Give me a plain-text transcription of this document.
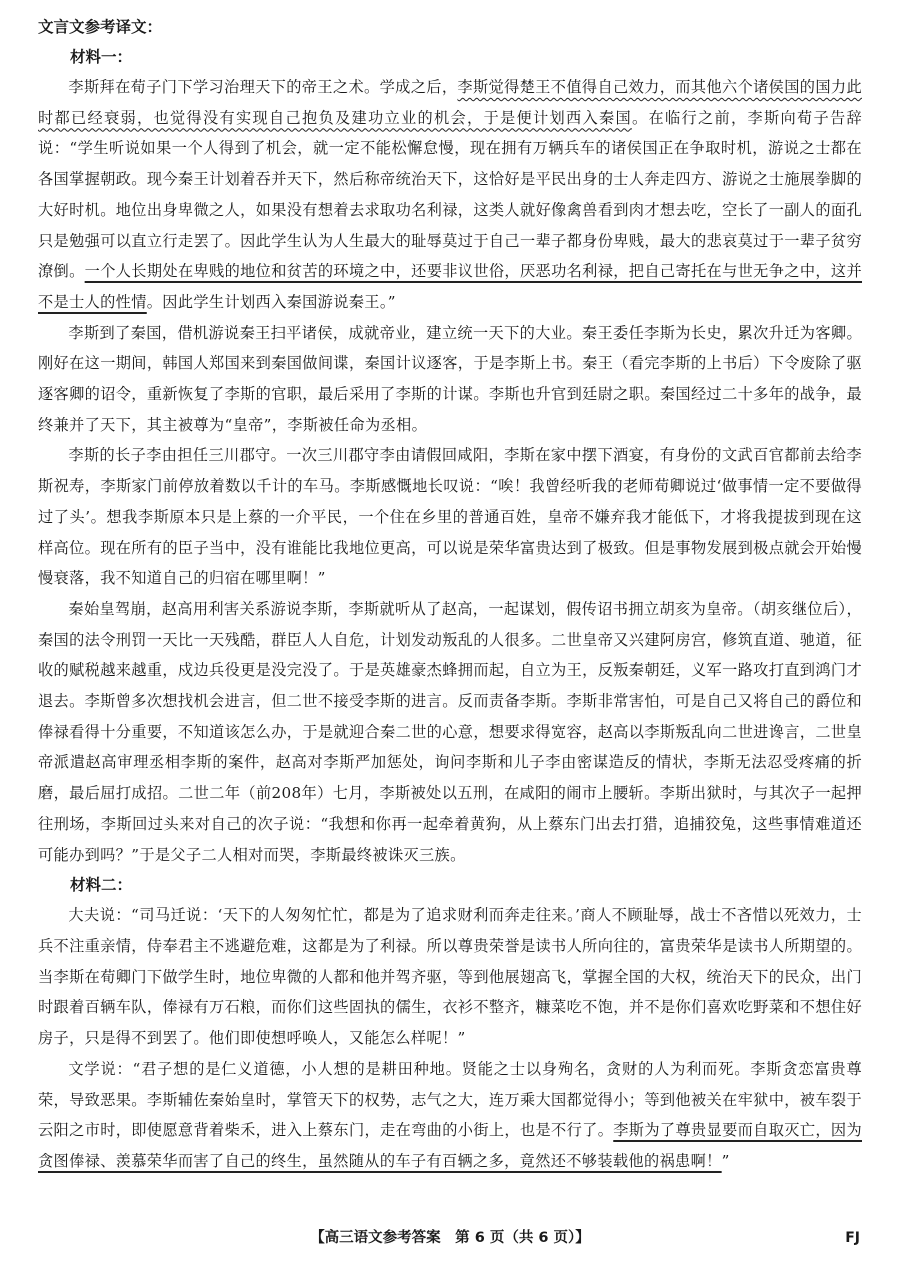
文言文参考译文：

材料一：

李斯拜在荀子门下学习治理天下的帝王之术。学成之后，李斯觉得楚王不值得自己效力，而其他六个诸侯国的国力此时都已经衰弱，也觉得没有实现自己抱负及建功立业的机会，于是便计划西入秦国。在临行之前，李斯向荀子告辞说：“学生听说如果一个人得到了机会，就一定不能松懈怠慢，现在拥有万辆兵车的诸侯国正在争取时机，游说之士都在各国掌握朝政。现今秦王计划着吞并天下，然后称帝统治天下，这恰好是平民出身的士人奔走四方、游说之士施展拳脚的大好时机。地位出身卑微之人，如果没有想着去求取功名利禄，这类人就好像禽兽看到肉才想去吃，空长了一副人的面孔只是勉强可以直立行走罢了。因此学生认为人生最大的耻辱莫过于自己一辈子都身份卑贱，最大的悲哀莫过于一辈子贫穷潦倒。一个人长期处在卑贱的地位和贫苦的环境之中，还要非议世俗，厌恶功名利禄，把自己寄托在与世无争之中，这并不是士人的性情。因此学生计划西入秦国游说秦王。”

李斯到了秦国，借机游说秦王扫平诸侯，成就帝业，建立统一天下的大业。秦王委任李斯为长史，累次升迁为客卿。刚好在这一期间，韩国人郑国来到秦国做间谍，秦国计议逐客，于是李斯上书。秦王（看完李斯的上书后）下令废除了驱逐客卿的诏令，重新恢复了李斯的官职，最后采用了李斯的计谋。李斯也升官到廷尉之职。秦国经过二十多年的战争，最终兼并了天下，其主被尊为“皇帝”，李斯被任命为丞相。

李斯的长子李由担任三川郡守。一次三川郡守李由请假回咸阳，李斯在家中摆下酒宴，有身份的文武百官都前去给李斯祝寿，李斯家门前停放着数以千计的车马。李斯感慨地长叹说：“唉！我曾经听我的老师荀卿说过‘做事情一定不要做得过了头’。想我李斯原本只是上蔡的一介平民，一个住在乡里的普通百姓，皇帝不嫌弃我才能低下，才将我提拔到现在这样高位。现在所有的臣子当中，没有谁能比我地位更高，可以说是荣华富贵达到了极致。但是事物发展到极点就会开始慢慢衰落，我不知道自己的归宿在哪里啊！”

秦始皇驾崩，赵高用利害关系游说李斯，李斯就听从了赵高，一起谋划，假传诏书拥立胡亥为皇帝。（胡亥继位后），秦国的法令刑罚一天比一天残酷，群臣人人自危，计划发动叛乱的人很多。二世皇帝又兴建阿房宫，修筑直道、驰道，征收的赋税越来越重，戍边兵役更是没完没了。于是英雄豪杰蜂拥而起，自立为王，反叛秦朝廷，义军一路攻打直到鸿门才退去。李斯曾多次想找机会进言，但二世不接受李斯的进言。反而责备李斯。李斯非常害怕，可是自己又将自己的爵位和俸禄看得十分重要，不知道该怎么办，于是就迎合秦二世的心意，想要求得宽容，赵高以李斯叛乱向二世进谗言，二世皇帝派遣赵高审理丞相李斯的案件，赵高对李斯严加惩处，询问李斯和儿子李由密谋造反的情状，李斯无法忍受疼痛的折磨，最后屈打成招。二世二年（前208年）七月，李斯被处以五刑，在咸阳的闹市上腰斩。李斯出狱时，与其次子一起押往刑场，李斯回过头来对自己的次子说：“我想和你再一起牵着黄狗，从上蔡东门出去打猎，追捕狡兔，这些事情难道还可能办到吗？”于是父子二人相对而哭，李斯最终被诛灭三族。

材料二：

大夫说：“司马迁说：‘天下的人匆匆忙忙，都是为了追求财利而奔走往来。’商人不顾耻辱，战士不吝惜以死效力，士兵不注重亲情，侍奉君主不逃避危难，这都是为了利禄。所以尊贵荣誉是读书人所向往的，富贵荣华是读书人所期望的。当李斯在荀卿门下做学生时，地位卑微的人都和他并驾齐驱，等到他展翅高飞，掌握全国的大权，统治天下的民众，出门时跟着百辆车队，俸禄有万石粮，而你们这些固执的儒生，衣衫不整齐，糠菜吃不饱，并不是你们喜欢吃野菜和不想住好房子，只是得不到罢了。他们即使想呼唤人，又能怎么样呢！”

文学说：“君子想的是仁义道德，小人想的是耕田种地。贤能之士以身殉名，贪财的人为利而死。李斯贪恋富贵尊荣，导致恶果。李斯辅佐秦始皇时，掌管天下的权势，志气之大，连万乘大国都觉得小；等到他被关在牢狱中，被车裂于云阳之市时，即使愿意背着柴禾，进入上蔡东门，走在弯曲的小街上，也是不行了。李斯为了尊贵显要而自取灭亡，因为贪图俸禄、羡慕荣华而害了自己的终生，虽然随从的车子有百辆之多，竟然还不够装载他的祸患啊！”

【高三语文参考答案　第 6 页（共 6 页）】	FJ
